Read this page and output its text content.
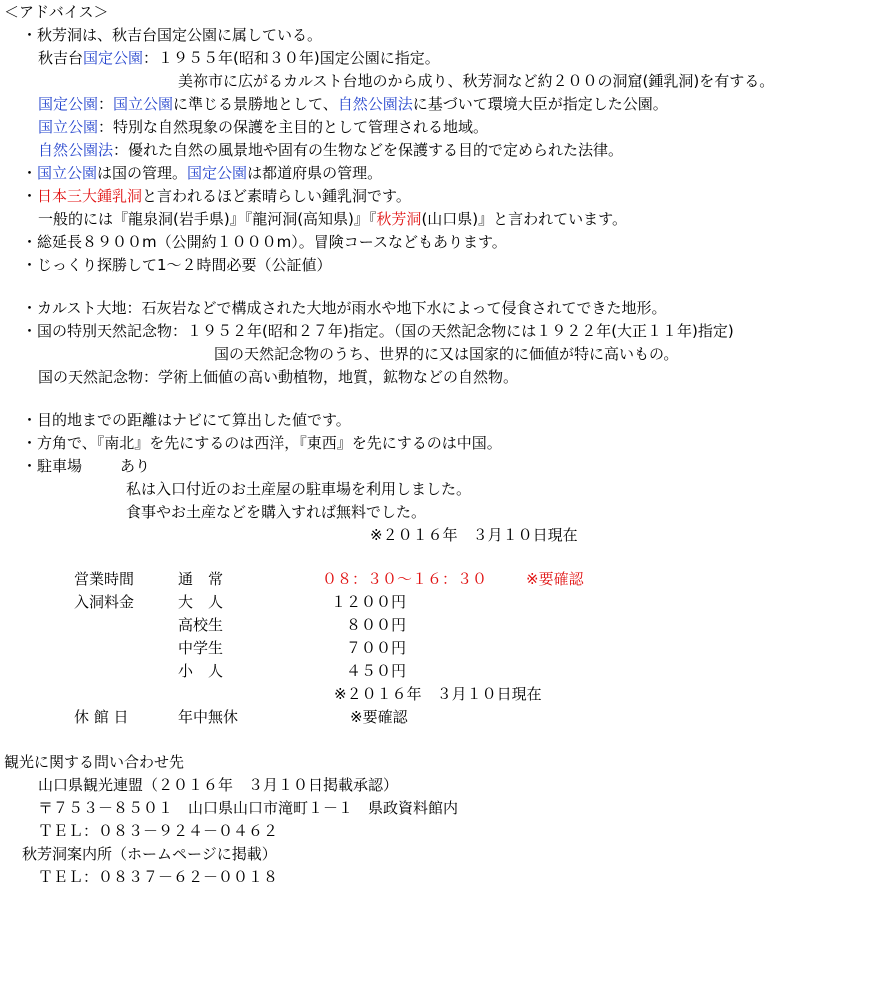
＜アドバイス＞
・秋芳洞は、秋吉台国定公園に属している。
秋吉台国定公園：１９５５年(昭和３０年)国定公園に指定。
美祢市に広がるカルスト台地のから成り、秋芳洞など約２００の洞窟(鍾乳洞)を有する。
国定公園：国立公園に準じる景勝地として、自然公園法に基づいて環境大臣が指定した公園。
国立公園：特別な自然現象の保護を主目的として管理される地域。
自然公園法：優れた自然の風景地や固有の生物などを保護する目的で定められた法律。
・国立公園は国の管理。国定公園は都道府県の管理。
・日本三大鍾乳洞と言われるほど素晴らしい鍾乳洞です。
一般的には『龍泉洞(岩手県)』『龍河洞(高知県)』『秋芳洞(山口県)』と言われています。
・総延長８９００m（公開約１０００m）。冒険コースなどもあります。
・じっくり探勝して1～２時間必要（公証値）
・カルスト大地：石灰岩などで構成された大地が雨水や地下水によって侵食されてできた地形。
・国の特別天然記念物：１９５２年(昭和２７年)指定。（国の天然記念物には１９２２年(大正１１年)指定)
国の天然記念物のうち、世界的に又は国家的に価値が特に高いもの。
国の天然記念物：学術上価値の高い動植物，地質，鉱物などの自然物。
・目的地までの距離はナビにて算出した値です。
・方角で、『南北』を先にするのは西洋，『東西』を先にするのは中国。
・駐車場	あり
私は入口付近のお土産屋の駐車場を利用しました。
食事やお土産などを購入すれば無料でした。
※２０１６年　３月１０日現在
営業時間	通　常	０８：３０～１６：３０	※要確認
入洞料金	大　人	１２００円
高校生	８００円
中学生	７００円
小　人	４５０円
※２０１６年　３月１０日現在
休 館 日	年中無休	※要確認
観光に関する問い合わせ先
山口県観光連盟（２０１６年　３月１０日掲載承認）
〒７５３－８５０１　山口県山口市滝町１－１　県政資料館内
ＴＥＬ：０８３－９２４－０４６２
秋芳洞案内所（ホームページに掲載）
ＴＥＬ：０８３７－６２－００１８
